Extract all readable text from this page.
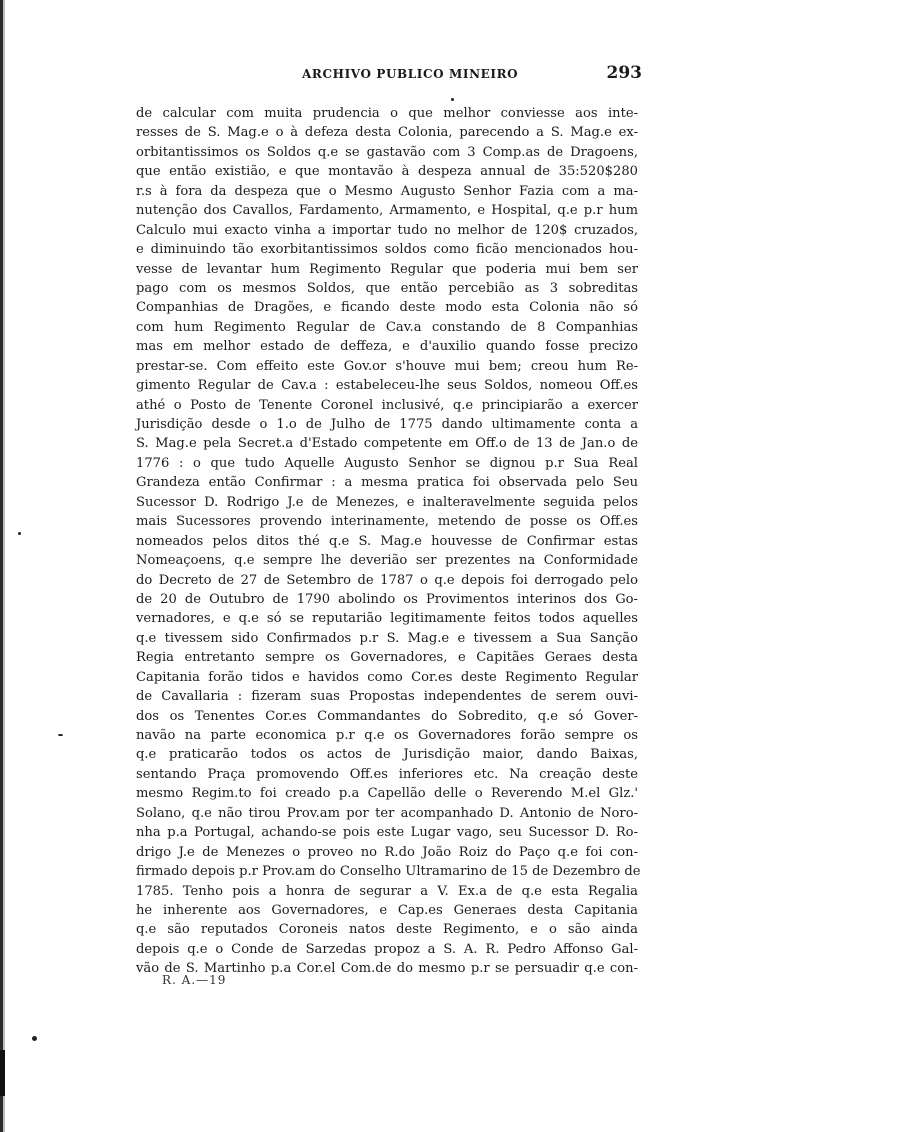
ARCHIVO PUBLICO MINEIRO	293
de calcular com muita prudencia o que melhor conviesse aos inte-
resses de S. Mag.e o à defeza desta Colonia, parecendo a S. Mag.e ex-
orbitantissimos os Soldos q.e se gastavão com 3 Comp.as de Dragoens,
que então existião, e que montavão à despeza annual de 35:520$280
r.s à fora da despeza que o Mesmo Augusto Senhor Fazia com a ma-
nutenção dos Cavallos, Fardamento, Armamento, e Hospital, q.e p.r hum
Calculo mui exacto vinha a importar tudo no melhor de 120$ cruzados,
e diminuindo tão exorbitantissimos soldos como ficão mencionados hou-
vesse de levantar hum Regimento Regular que poderia mui bem ser
pago com os mesmos Soldos, que então percebião as 3 sobreditas
Companhias de Dragões, e ficando deste modo esta Colonia não só
com hum Regimento Regular de Cav.a constando de 8 Companhias
mas em melhor estado de deffeza, e d'auxilio quando fosse precizo
prestar-se. Com effeito este Gov.or s'houve mui bem; creou hum Re-
gimento Regular de Cav.a : estabeleceu-lhe seus Soldos, nomeou Off.es
athé o Posto de Tenente Coronel inclusivé, q.e principiarão a exercer
Jurisdição desde o 1.o de Julho de 1775 dando ultimamente conta a
S. Mag.e pela Secret.a d'Estado competente em Off.o de 13 de Jan.o de
1776 : o que tudo Aquelle Augusto Senhor se dignou p.r Sua Real
Grandeza então Confirmar : a mesma pratica foi observada pelo Seu
Sucessor D. Rodrigo J.e de Menezes, e inalteravelmente seguida pelos
mais Sucessores provendo interinamente, metendo de posse os Off.es
nomeados pelos ditos thé q.e S. Mag.e houvesse de Confirmar estas
Nomeaçoens, q.e sempre lhe deverião ser prezentes na Conformidade
do Decreto de 27 de Setembro de 1787 o q.e depois foi derrogado pelo
de 20 de Outubro de 1790 abolindo os Provimentos interinos dos Go-
vernadores, e q.e só se reputarião legitimamente feitos todos aquelles
q.e tivessem sido Confirmados p.r S. Mag.e e tivessem a Sua Sanção
Regia entretanto sempre os Governadores, e Capitães Geraes desta
Capitania forão tidos e havidos como Cor.es deste Regimento Regular
de Cavallaria : fizeram suas Propostas independentes de serem ouvi-
dos os Tenentes Cor.es Commandantes do Sobredito, q.e só Gover-
navão na parte economica p.r q.e os Governadores forão sempre os
q.e praticarão todos os actos de Jurisdição maior, dando Baixas,
sentando Praça promovendo Off.es inferiores etc. Na creação deste
mesmo Regim.to foi creado p.a Capellão delle o Reverendo M.el Glz.'
Solano, q.e não tirou Prov.am por ter acompanhado D. Antonio de Noro-
nha p.a Portugal, achando-se pois este Lugar vago, seu Sucessor D. Ro-
drigo J.e de Menezes o proveo no R.do João Roiz do Paço q.e foi con-
firmado depois p.r Prov.am do Conselho Ultramarino de 15 de Dezembro de
1785. Tenho pois a honra de segurar a V. Ex.a de q.e esta Regalia
he inherente aos Governadores, e Cap.es Generaes desta Capitania
q.e são reputados Coroneis natos deste Regimento, e o são ainda
depois q.e o Conde de Sarzedas propoz a S. A. R. Pedro Affonso Gal-
vão de S. Martinho p.a Cor.el Com.de do mesmo p.r se persuadir q.e con-
R. A.—19
